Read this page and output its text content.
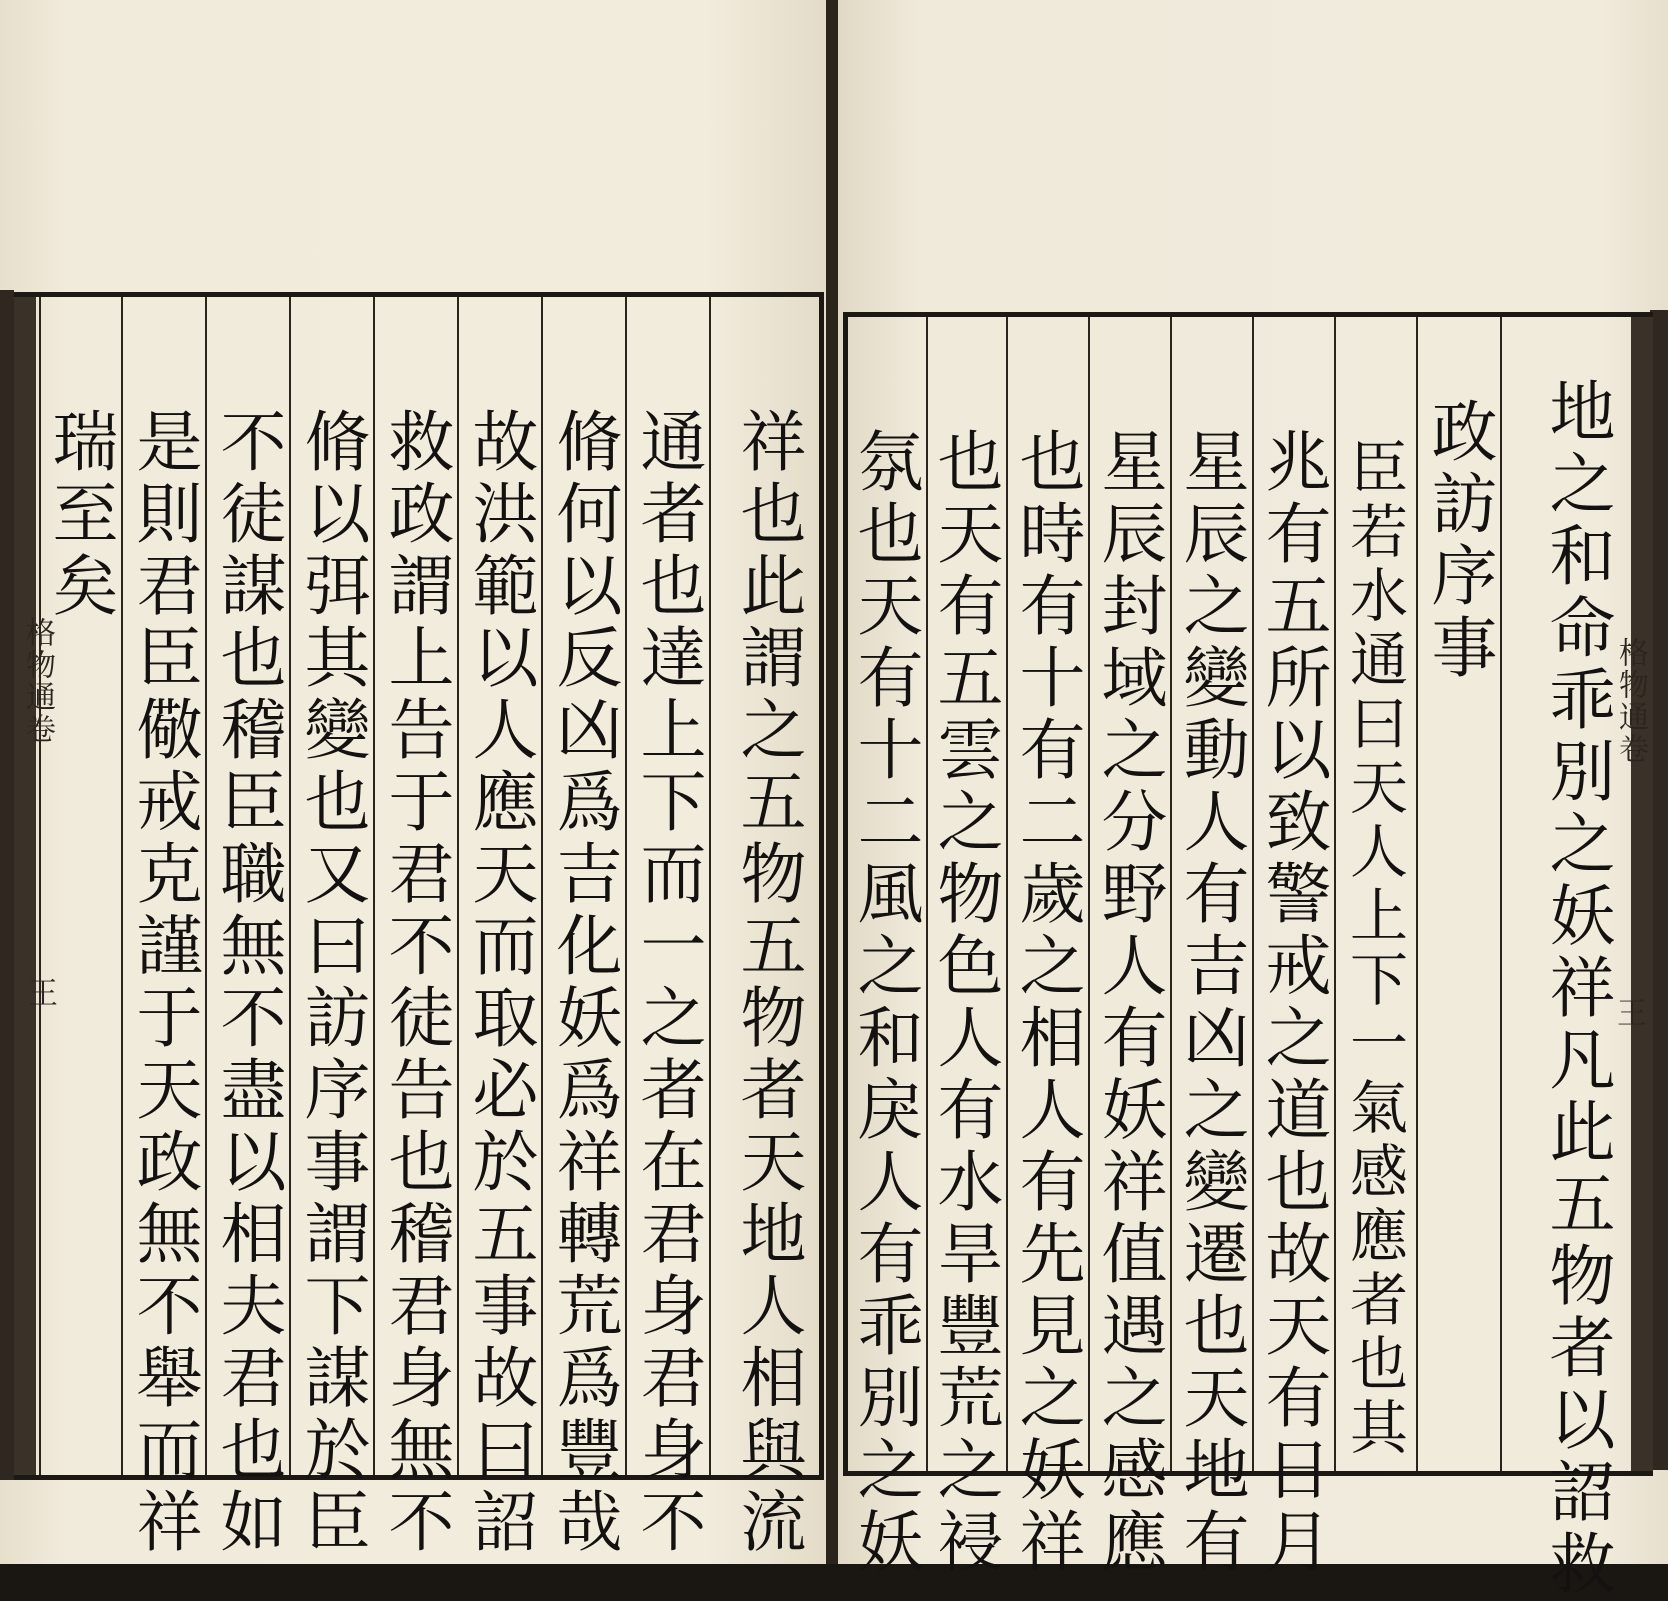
格物通卷
王
瑞至矣 是則君臣儆戒克謹于天政無不舉而祥 不徒謀也稽臣職無不盡以相夫君也如 脩以弭其變也又曰訪序事謂下謀於臣 救政謂上告于君不徒告也稽君身無不 故洪範以人應天而取必於五事故曰詔 脩何以反凶爲吉化妖爲祥轉荒爲豐哉 通者也達上下而一之者在君身君身不 祥也此謂之五物五物者天地人相與流	格物通卷
王
氛也天有十二風之和戾人有乖別之妖 也天有五雲之物色人有水旱豐荒之祲 也時有十有二歲之相人有先見之妖祥 星辰封域之分野人有妖祥值遇之感應 星辰之變動人有吉凶之變遷也天地有 兆有五所以致警戒之道也故天有日月 臣若水通曰天人上下一氣感應者也其 政訪序事 地之和命乖別之妖祥凡此五物者以詔救
